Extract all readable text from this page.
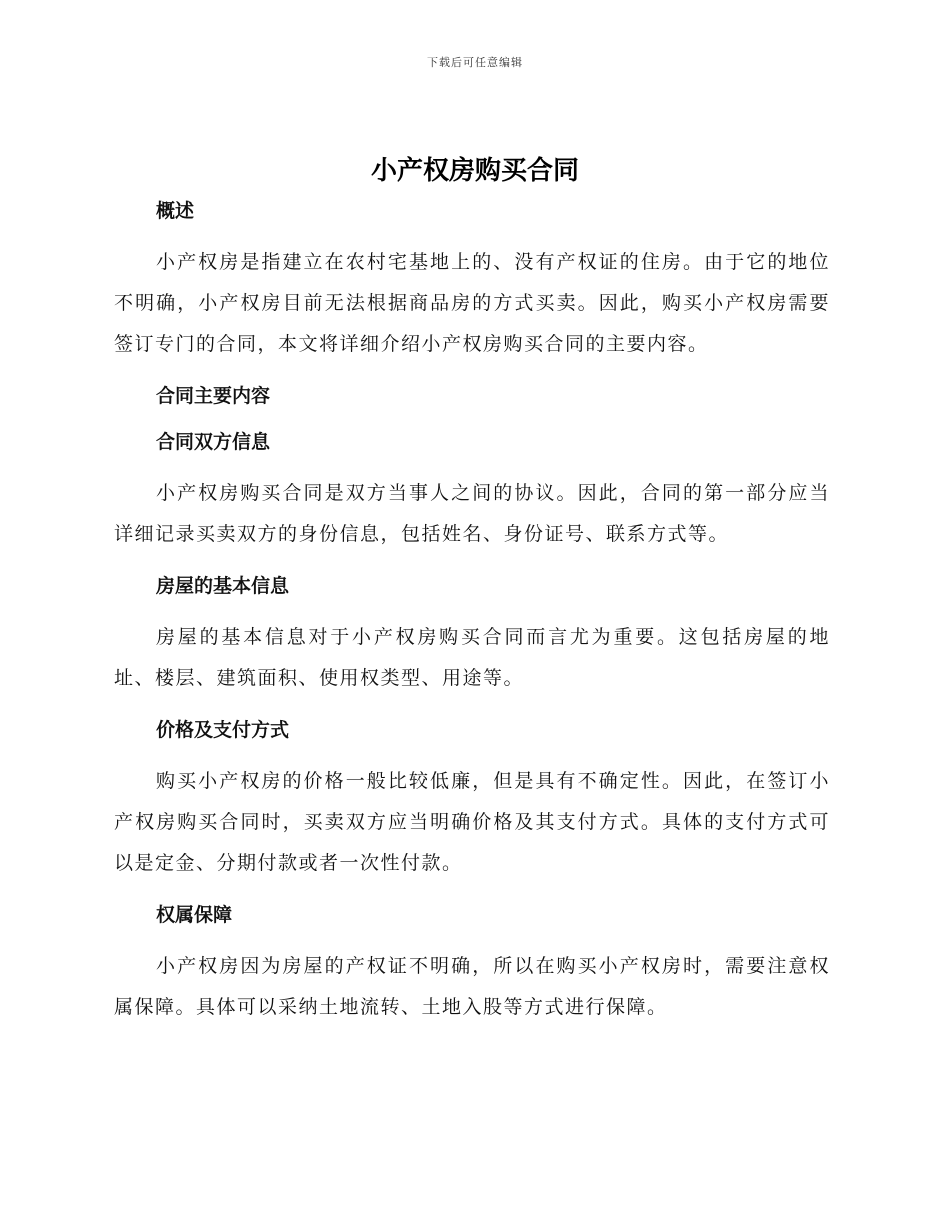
下载后可任意编辑
小产权房购买合同

概述

小产权房是指建立在农村宅基地上的、没有产权证的住房。由于它的地位不明确，小产权房目前无法根据商品房的方式买卖。因此，购买小产权房需要签订专门的合同，本文将详细介绍小产权房购买合同的主要内容。

合同主要内容

合同双方信息

小产权房购买合同是双方当事人之间的协议。因此，合同的第一部分应当详细记录买卖双方的身份信息，包括姓名、身份证号、联系方式等。

房屋的基本信息

房屋的基本信息对于小产权房购买合同而言尤为重要。这包括房屋的地址、楼层、建筑面积、使用权类型、用途等。

价格及支付方式

购买小产权房的价格一般比较低廉，但是具有不确定性。因此，在签订小产权房购买合同时，买卖双方应当明确价格及其支付方式。具体的支付方式可以是定金、分期付款或者一次性付款。

权属保障

小产权房因为房屋的产权证不明确，所以在购买小产权房时，需要注意权属保障。具体可以采纳土地流转、土地入股等方式进行保障。
